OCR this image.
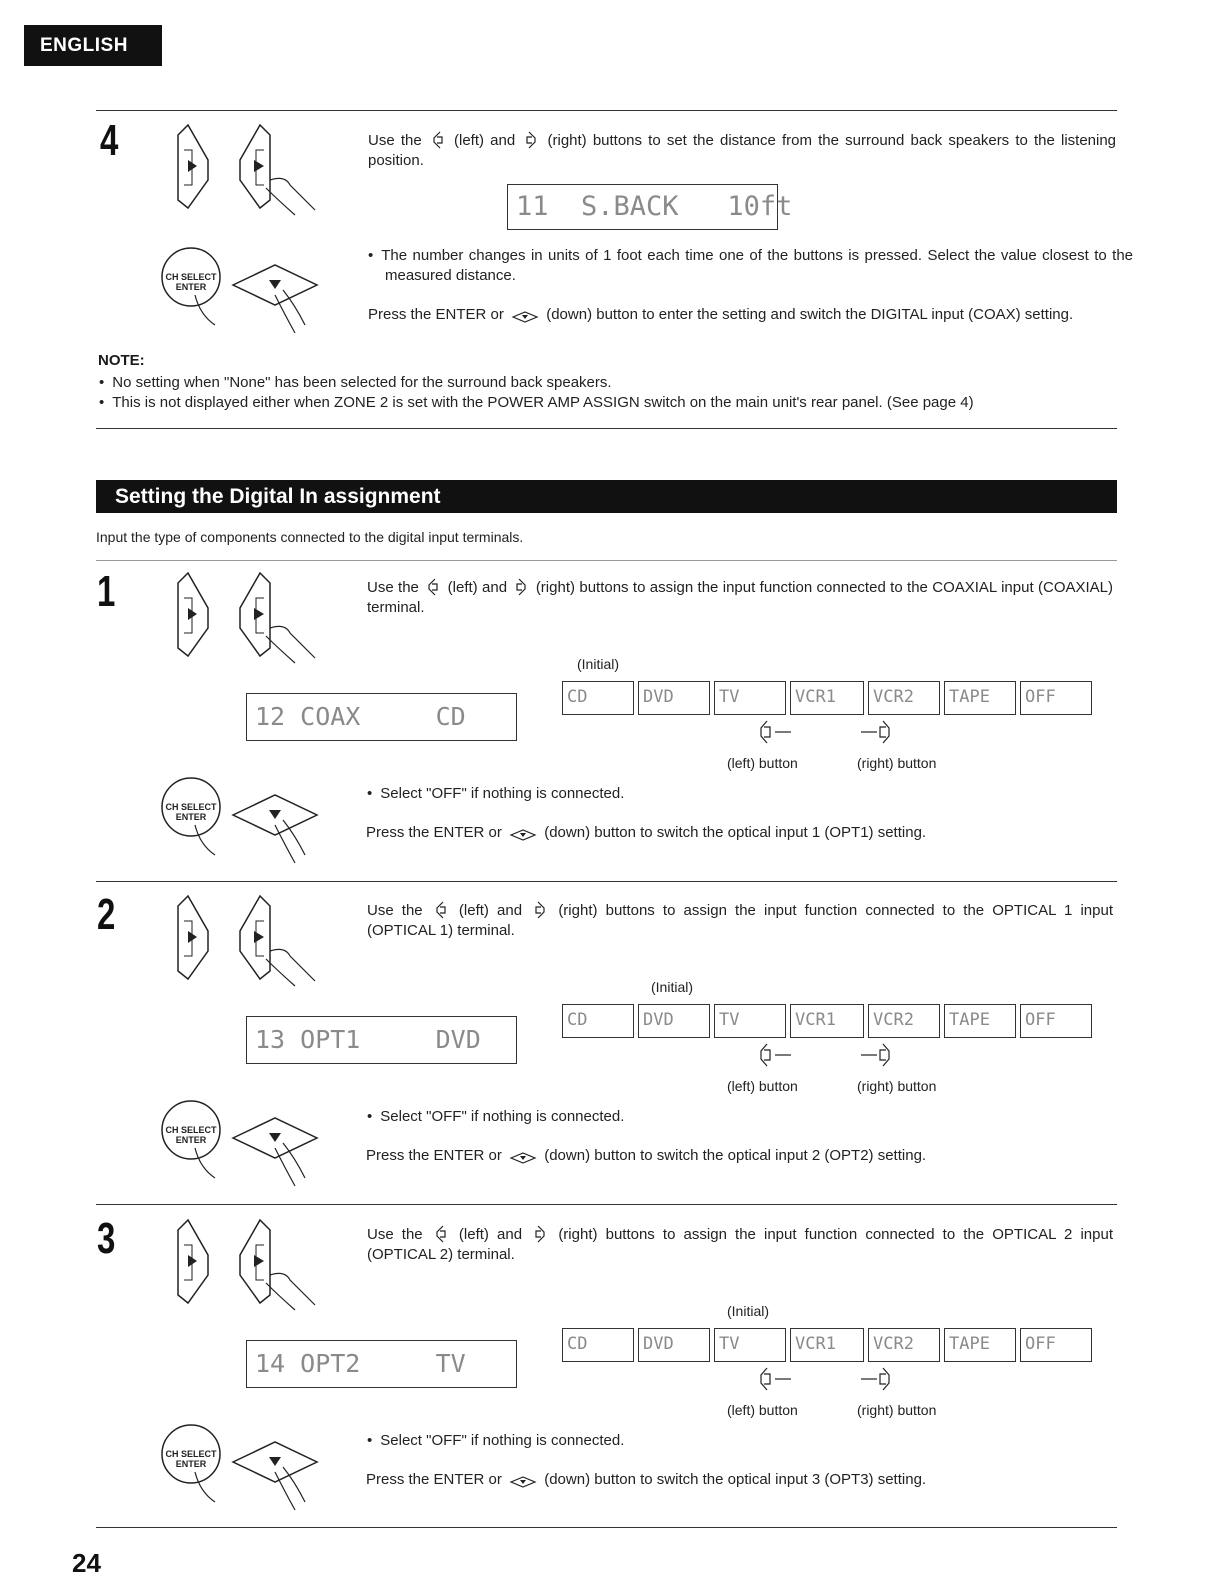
ENGLISH
4	Use the (left) and (right) buttons to set the distance from the surround back speakers to the listening position.
11  S.BACK   10ft
CH SELECT
ENTER
• The number changes in units of 1 foot each time one of the buttons is pressed. Select the value closest to the measured distance.
Press the ENTER or	(down) button to enter the setting and switch the DIGITAL input (COAX) setting.
NOTE:
• No setting when "None" has been selected for the surround back speakers.
• This is not displayed either when ZONE 2 is set with the POWER AMP ASSIGN switch on the main unit's rear panel. (See page 4)
Setting the Digital In assignment
Input the type of components connected to the digital input terminals.
1	Use the (left) and (right) buttons to assign the input function connected to the COAXIAL input (COAXIAL) terminal.
(Initial)
12 COAX     CD
CD	DVD	TV	VCR1	VCR2	TAPE	OFF
(left) button	(right) button
CH SELECT
ENTER
• Select "OFF" if nothing is connected.
Press the ENTER or	(down) button to switch the optical input 1 (OPT1) setting.
2	Use the (left) and (right) buttons to assign the input function connected to the OPTICAL 1 input (OPTICAL 1) terminal.
(Initial)
13 OPT1     DVD
CD	DVD	TV	VCR1	VCR2	TAPE	OFF
(left) button	(right) button
CH SELECT
ENTER
• Select "OFF" if nothing is connected.
Press the ENTER or	(down) button to switch the optical input 2 (OPT2) setting.
3	Use the (left) and (right) buttons to assign the input function connected to the OPTICAL 2 input (OPTICAL 2) terminal.
(Initial)
14 OPT2     TV
CD	DVD	TV	VCR1	VCR2	TAPE	OFF
(left) button	(right) button
CH SELECT
ENTER
• Select "OFF" if nothing is connected.
Press the ENTER or	(down) button to switch the optical input 3 (OPT3) setting.
24
